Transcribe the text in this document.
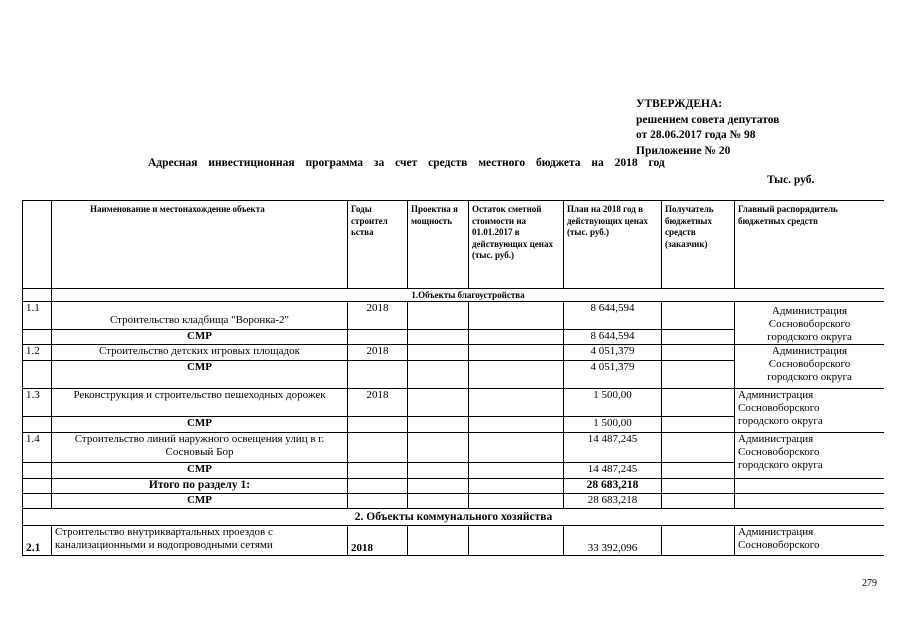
УТВЕРЖДЕНА:
решением совета депутатов
от 28.06.2017 года № 98
Приложение № 20
Адресная инвестиционная программа за счет средств местного бюджета на 2018 год
Тыс. руб.
	Наименование и местонахождение объекта	Годы строител ьства	Проектна я мощность	Остаток сметной стоимости на 01.01.2017 в действующих ценах (тыс. руб.)	План на 2018 год в действующих ценах (тыс. руб.)	Получатель бюджетных средств (заказчик)	Главный распорядитель бюджетных средств
	1.Объекты благоустройства						
1.1	Строительство кладбища "Воронка-2"	2018			8 644,594		Администрация
Сосновоборского
городского округа

	СМР				8 644,594		
1.2	Строительство детских игровых площадок	2018			4 051,379		Администрация
Сосновоборского
городского округа

	СМР				4 051,379		
1.3	Реконструкция и строительство пешеходных дорожек	2018			1 500,00		Администрация
Сосновоборского
городского округа

	СМР				1 500,00		
1.4	Строительство линий наружного освещения улиц в г. Сосновый Бор				14 487,245		Администрация
Сосновоборского
городского округа

	СМР				14 487,245		
	Итого по разделу 1:				28 683,218		
	СМР				28 683,218		
2. Объекты коммунального хозяйства							
2.1	Строительство внутриквартальных проездов с канализационными и водопроводными сетями	2018			33 392,096		Администрация
Сосновоборского
279
